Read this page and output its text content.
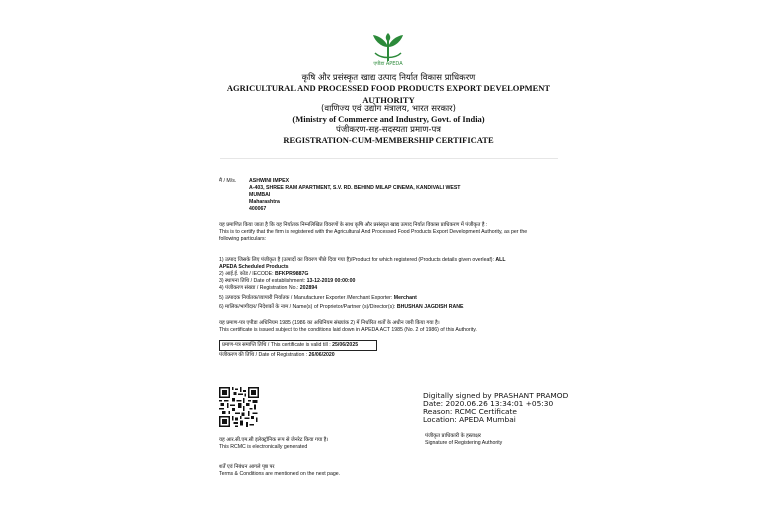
एपीडा APEDA
कृषि और प्रसंस्कृत खाद्य उत्पाद निर्यात विकास प्राधिकरण
AGRICULTURAL AND PROCESSED FOOD PRODUCTS EXPORT DEVELOPMENT
AUTHORITY
(वाणिज्य एवं उद्योग मंत्रालय, भारत सरकार)
(Ministry of Commerce and Industry, Govt. of India)
पंजीकरण-सह-सदस्यता प्रमाण-पत्र
REGISTRATION-CUM-MEMBERSHIP CERTIFICATE
मै / M/s. ASHWINI IMPEX
A-403, SHREE RAM APARTMENT, S.V. RD. BEHIND MILAP CINEMA, KANDIVALI WEST
MUMBAI
Maharashtra
400067
यह प्रमाणित किया जाता है कि यह निर्यातक निम्नलिखित विवरणों के साथ कृषि और प्रसंस्कृत खाद्य उत्पाद निर्यात विकास प्राधिकरण में पंजीकृत है :
This is to certify that the firm is registered with the Agricultural And Processed Food Products Export Development Authority, as per the
following particulars:
1) उत्पाद जिसके लिए पंजीकृत है (उत्पादों का विवरण पीछे दिया गया है)/Product for which registered (Products details given overleaf): ALL
APEDA Scheduled Products
2) आई.ई. कोड / IECODE: BFKPR9887G
3) स्थापना तिथि / Date of establishment: 13-12-2019 00:00:00
4) पंजीकरण संख्या / Registration No.: 202894
5) उत्पादक निर्यातक/व्यापारी निर्यातक / Manufacturer Exporter /Merchant Exporter: Merchant
6) मालिक/भागीदार/ निदेशकों के नाम / Name(s) of Proprietor/Partner (s)/Director(s): BHUSHAN JAGDISH RANE
यह प्रमाण-पत्र एपीडा अधिनियम 1985 (1986 का अधिनियम संख्यांक 2) में निर्धारित शर्तों के अधीन जारी किया गया है।
This certificate is issued subject to the conditions laid down in APEDA ACT 1985 (No. 2 of 1986) of this Authority.
प्रमाण-पत्र समाप्ति तिथि / This certificate is valid till : 25/06/2025
पंजीकरण की तिथि / Date of Registration : 26/06/2020
यह आर.सी.एम.सी इलेक्ट्रॉनिक रूप से जेनरेट किया गया है।
This RCMC is electronically generated
शर्तें एवं निबंधन आगले पृष्ठ पर
Terms & Conditions are mentioned on the next page.
Digitally signed by PRASHANT PRAMOD
Date: 2020.06.26 13:34:01 +05:30
Reason: RCMC Certificate
Location: APEDA Mumbai
पंजीकृत प्राधिकारी के हस्ताक्षर
Signature of Registering Authority
